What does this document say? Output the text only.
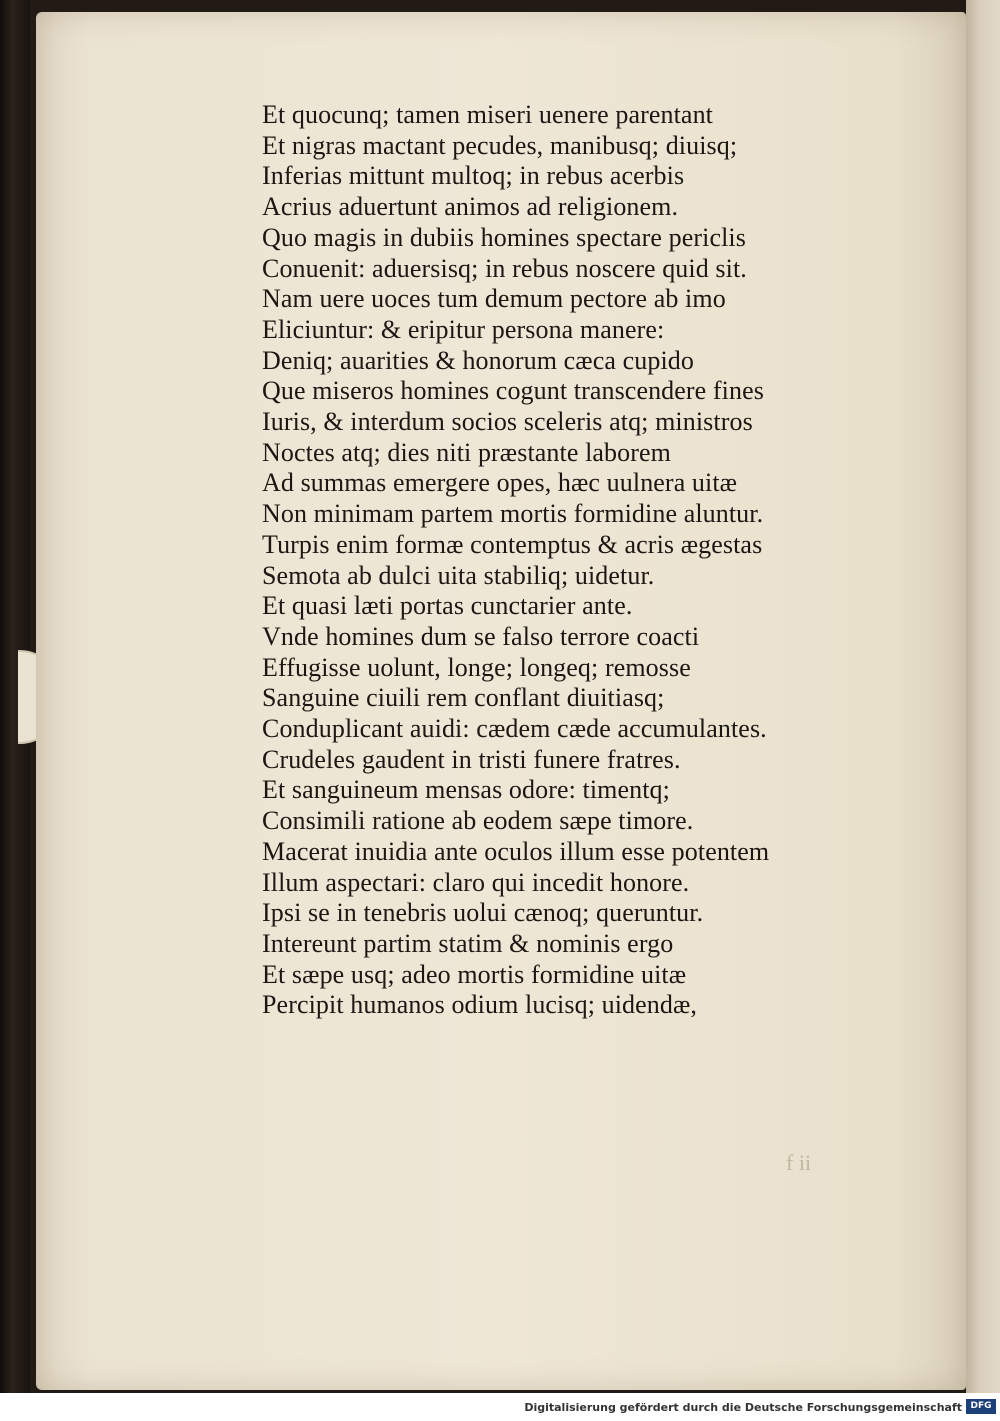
Et quocunq; tamen miseri uenere parentant
Et nigras mactant pecudes, manibusq; diuisq;
Inferias mittunt multoq; in rebus acerbis
Acrius aduertunt animos ad religionem.
Quo magis in dubiis homines spectare periclis
Conuenit: aduersisq; in rebus noscere quid sit.
Nam uere uoces tum demum pectore ab imo
Eliciuntur: & eripitur persona manere:
Deniq; auarities & honorum cæca cupido
Que miseros homines cogunt transcendere fines
Iuris, & interdum socios sceleris atq; ministros
Noctes atq; dies niti præstante laborem
Ad summas emergere opes, hæc uulnera uitæ
Non minimam partem mortis formidine aluntur.
Turpis enim formæ contemptus & acris ægestas
Semota ab dulci uita stabiliq; uidetur.
Et quasi læti portas cunctarier ante.
Vnde homines dum se falso terrore coacti
Effugisse uolunt, longe; longeq; remosse
Sanguine ciuili rem conflant diuitiasq;
Conduplicant auidi: cædem cæde accumulantes.
Crudeles gaudent in tristi funere fratres.
Et sanguineum mensas odore: timentq;
Consimili ratione ab eodem sæpe timore.
Macerat inuidia ante oculos illum esse potentem
Illum aspectari: claro qui incedit honore.
Ipsi se in tenebris uolui cænoq; queruntur.
Intereunt partim statim & nominis ergo
Et sæpe usq; adeo mortis formidine uitæ
Percipit humanos odium lucisq; uidendæ,
f ii
Digitalisierung gefördert durch die Deutsche Forschungsgemeinschaft DFG
